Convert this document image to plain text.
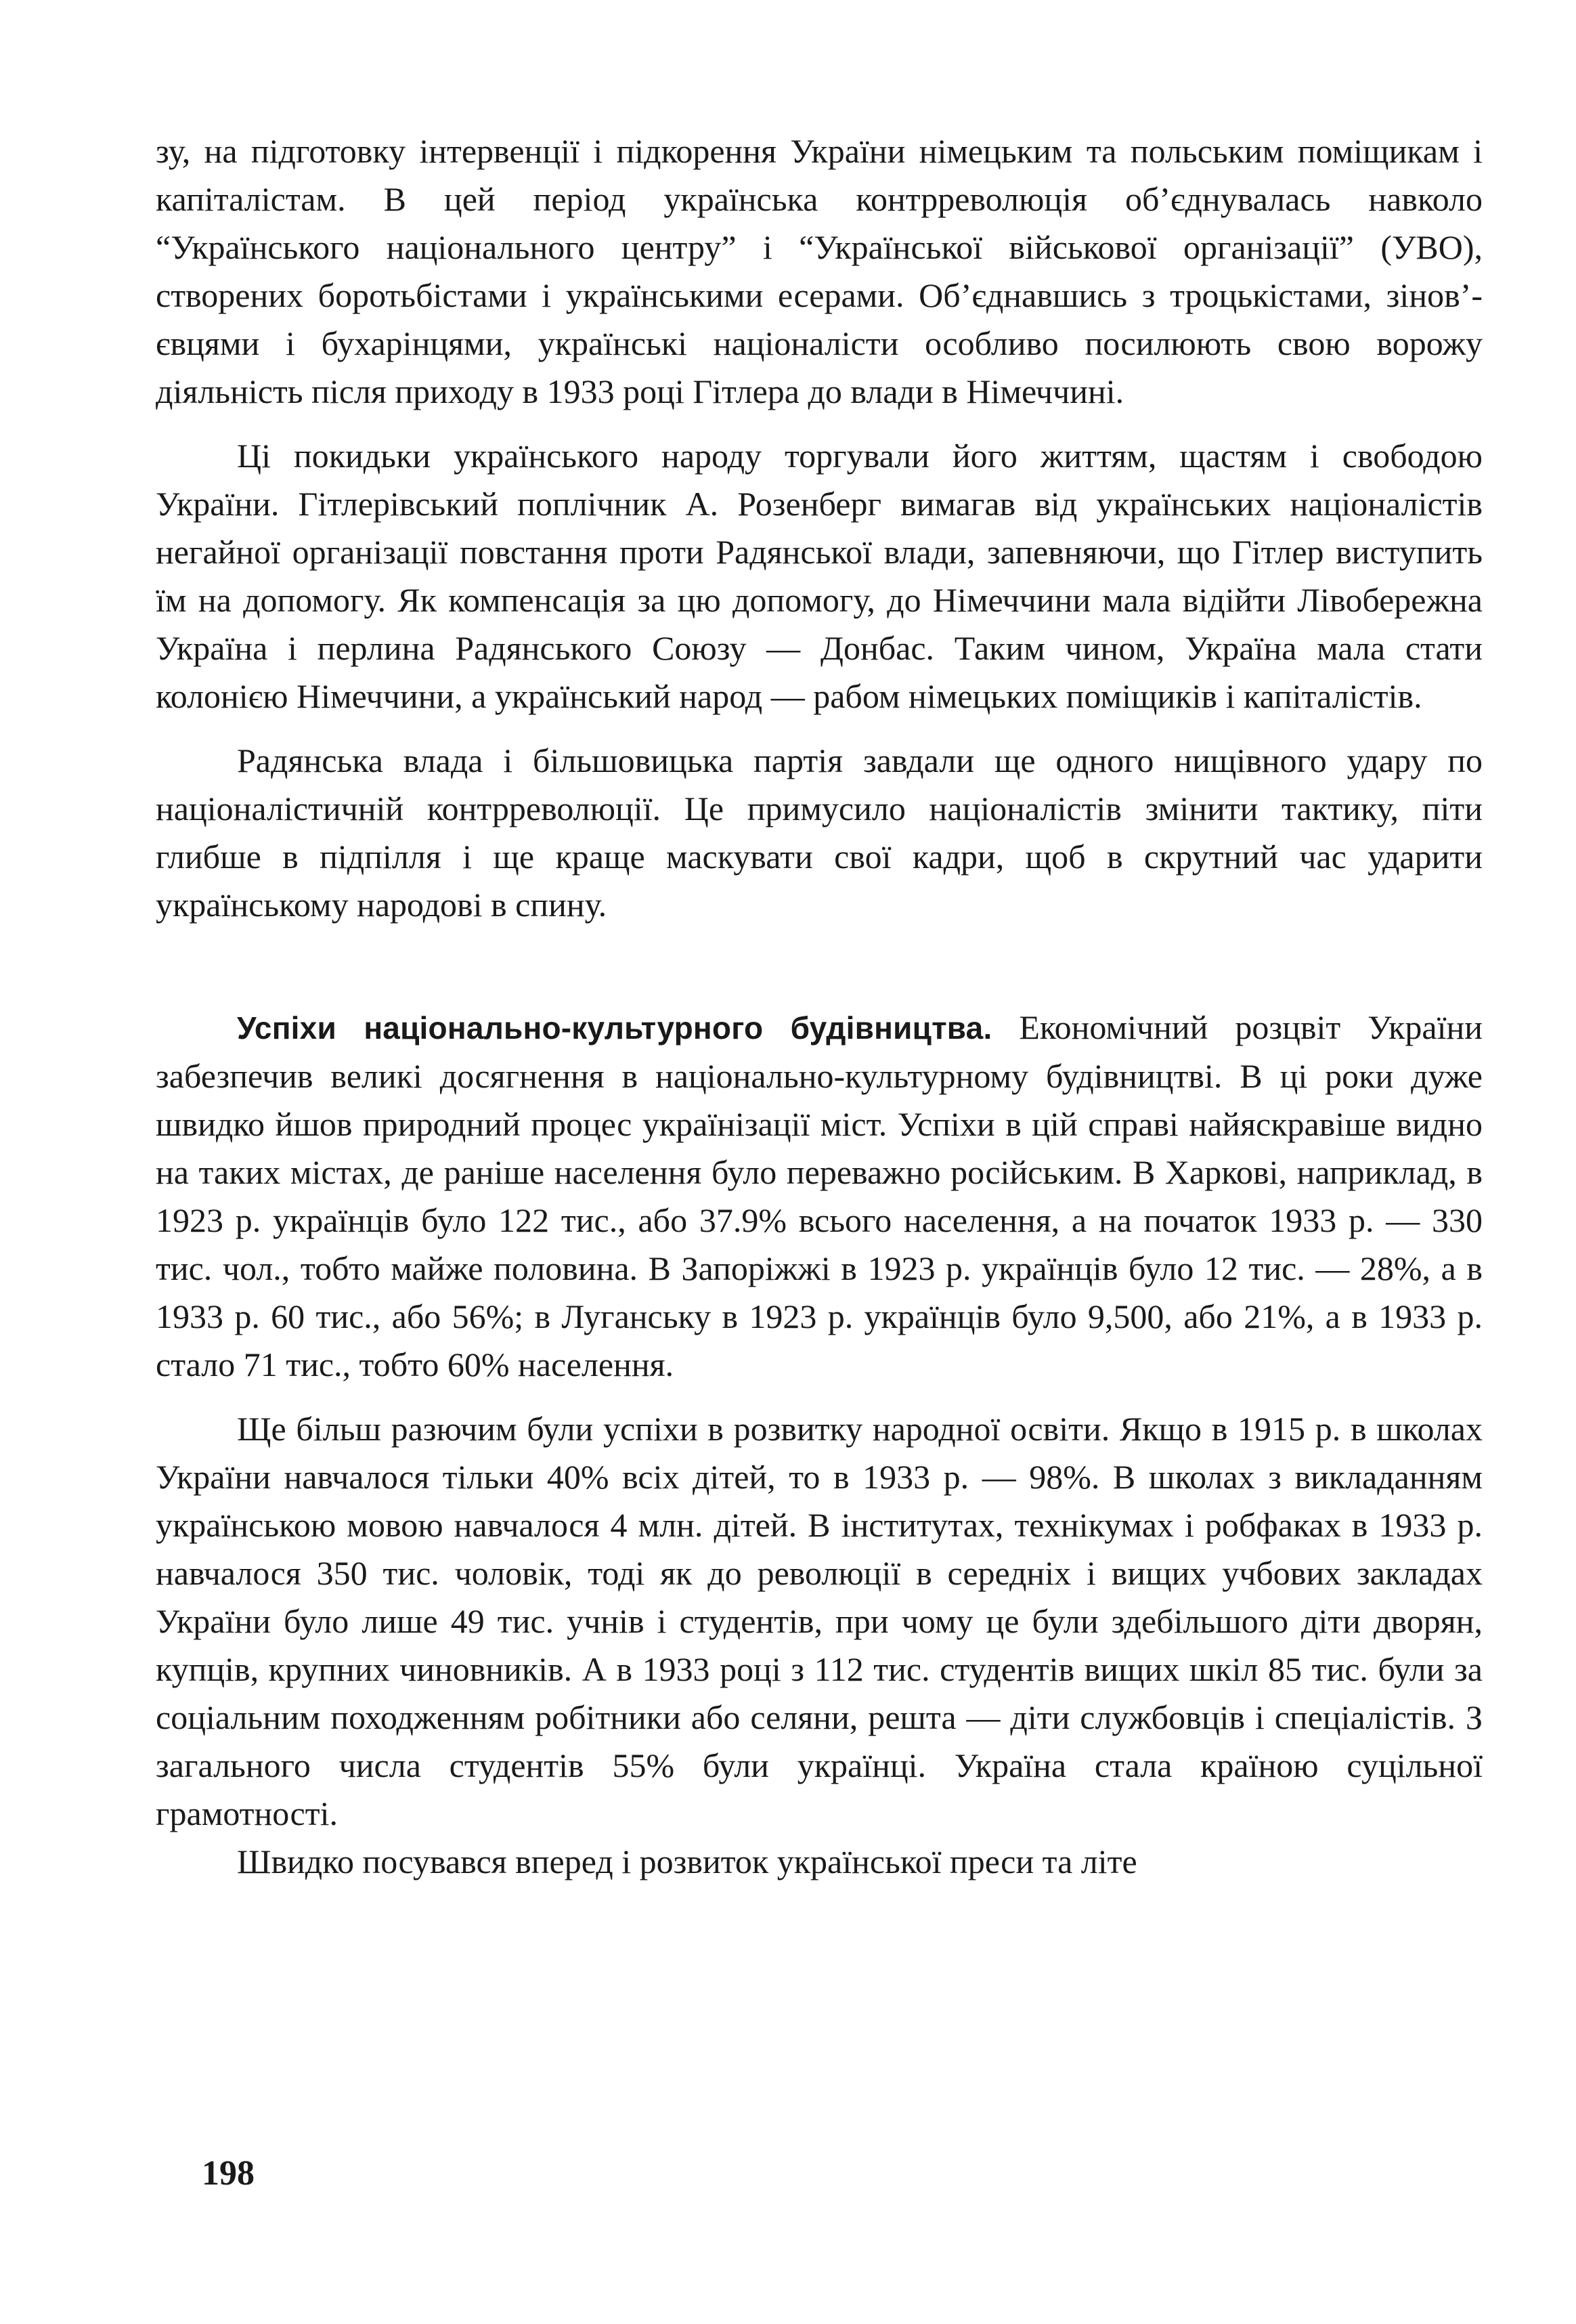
зу, на підготовку інтервенції і підкорення України німецьким та польським поміщикам і капіталістам. В цей період українська контрреволюція об’єднувалась навколо “Українського національного центру” і “Української військової організації” (УВО), створених боротьбістами і українськими есерами. Об’єднавшись з троцькістами, зінов’євцями і бухарінцями, українські націоналісти особливо посилюють свою ворожу діяльність після приходу в 1933 році Гітлера до влади в Німеччині.

Ці покидьки українського народу торгували його життям, щастям і свободою України. Гітлерівський поплічник А. Розенберг вимагав від українських націоналістів негайної організації повстання проти Радянської влади, запевняючи, що Гітлер виступить їм на допомогу. Як компенсація за цю допомогу, до Німеччини мала відійти Лівобережна Україна і перлина Радянського Союзу — Донбас. Таким чином, Україна мала стати колонією Німеччини, а український народ — рабом німецьких поміщиків і капіталістів.

Радянська влада і більшовицька партія завдали ще одного нищівного удару по націоналістичній контрреволюції. Це примусило націоналістів змінити тактику, піти глибше в підпілля і ще краще маскувати свої кадри, щоб в скрутний час ударити українському народові в спину.

Успіхи національно-культурного будівництва. Економічний розцвіт України забезпечив великі досягнення в національно-культурному будівництві. В ці роки дуже швидко йшов природний процес українізації міст. Успіхи в цій справі найяскравіше видно на таких містах, де раніше населення було переважно російським. В Харкові, наприклад, в 1923 р. українців було 122 тис., або 37.9% всього населення, а на початок 1933 р. — 330 тис. чол., тобто майже половина. В Запоріжжі в 1923 р. українців було 12 тис. — 28%, а в 1933 р. 60 тис., або 56%; в Луганську в 1923 р. українців було 9,500, або 21%, а в 1933 р. стало 71 тис., тобто 60% населення.

Ще більш разючим були успіхи в розвитку народної освіти. Якщо в 1915 р. в школах України навчалося тільки 40% всіх дітей, то в 1933 р. — 98%. В школах з викладанням українською мовою навчалося 4 млн. дітей. В інститутах, технікумах і робфаках в 1933 р. навчалося 350 тис. чоловік, тоді як до революції в середніх і вищих учбових закладах України було лише 49 тис. учнів і студентів, при чому це були здебільшого діти дворян, купців, крупних чиновників. А в 1933 році з 112 тис. студентів вищих шкіл 85 тис. були за соціальним походженням робітники або селяни, решта — діти службовців і спеціалістів. З загального числа студентів 55% були українці. Україна стала країною суцільної грамотності.

Швидко посувався вперед і розвиток української преси та літе

198
